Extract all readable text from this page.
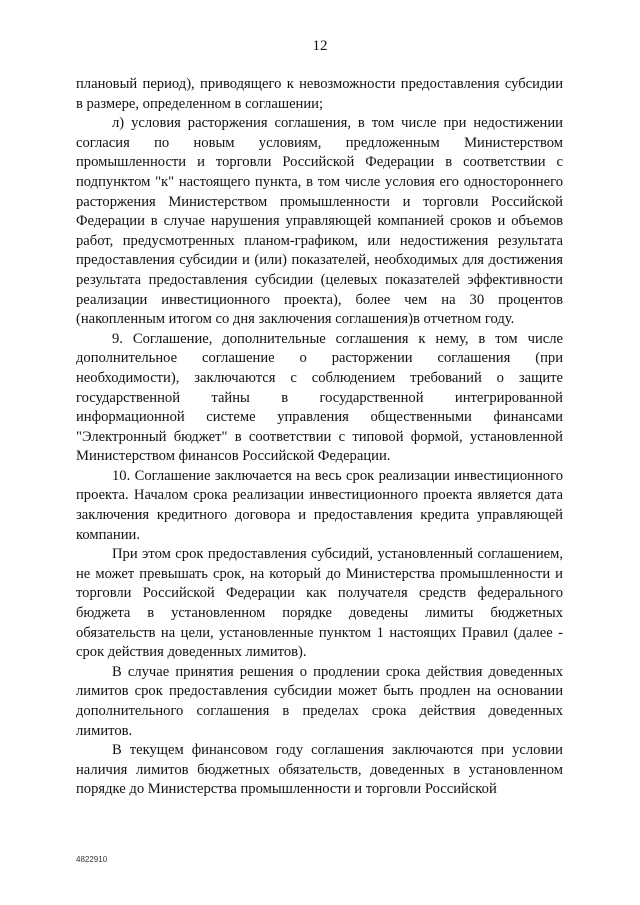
12

плановый период), приводящего к невозможности предоставления субсидии в размере, определенном в соглашении;

л) условия расторжения соглашения, в том числе при недостижении согласия по новым условиям, предложенным Министерством промышленности и торговли Российской Федерации в соответствии с подпунктом "к" настоящего пункта, в том числе условия его одностороннего расторжения Министерством промышленности и торговли Российской Федерации в случае нарушения управляющей компанией сроков и объемов работ, предусмотренных планом-графиком, или недостижения результата предоставления субсидии и (или) показателей, необходимых для достижения результата предоставления субсидии (целевых показателей эффективности реализации инвестиционного проекта), более чем на 30 процентов (накопленным итогом со дня заключения соглашения)в отчетном году.

9. Соглашение, дополнительные соглашения к нему, в том числе дополнительное соглашение о расторжении соглашения (при необходимости), заключаются с соблюдением требований о защите государственной тайны в государственной интегрированной информационной системе управления общественными финансами "Электронный бюджет" в соответствии с типовой формой, установленной Министерством финансов Российской Федерации.

10. Соглашение заключается на весь срок реализации инвестиционного проекта. Началом срока реализации инвестиционного проекта является дата заключения кредитного договора и предоставления кредита управляющей компании.

При этом срок предоставления субсидий, установленный соглашением, не может превышать срок, на который до Министерства промышленности и торговли Российской Федерации как получателя средств федерального бюджета в установленном порядке доведены лимиты бюджетных обязательств на цели, установленные пунктом 1 настоящих Правил (далее - срок действия доведенных лимитов).

В случае принятия решения о продлении срока действия доведенных лимитов срок предоставления субсидии может быть продлен на основании дополнительного соглашения в пределах срока действия доведенных лимитов.

В текущем финансовом году соглашения заключаются при условии наличия лимитов бюджетных обязательств, доведенных в установленном порядке до Министерства промышленности и торговли Российской

4822910
